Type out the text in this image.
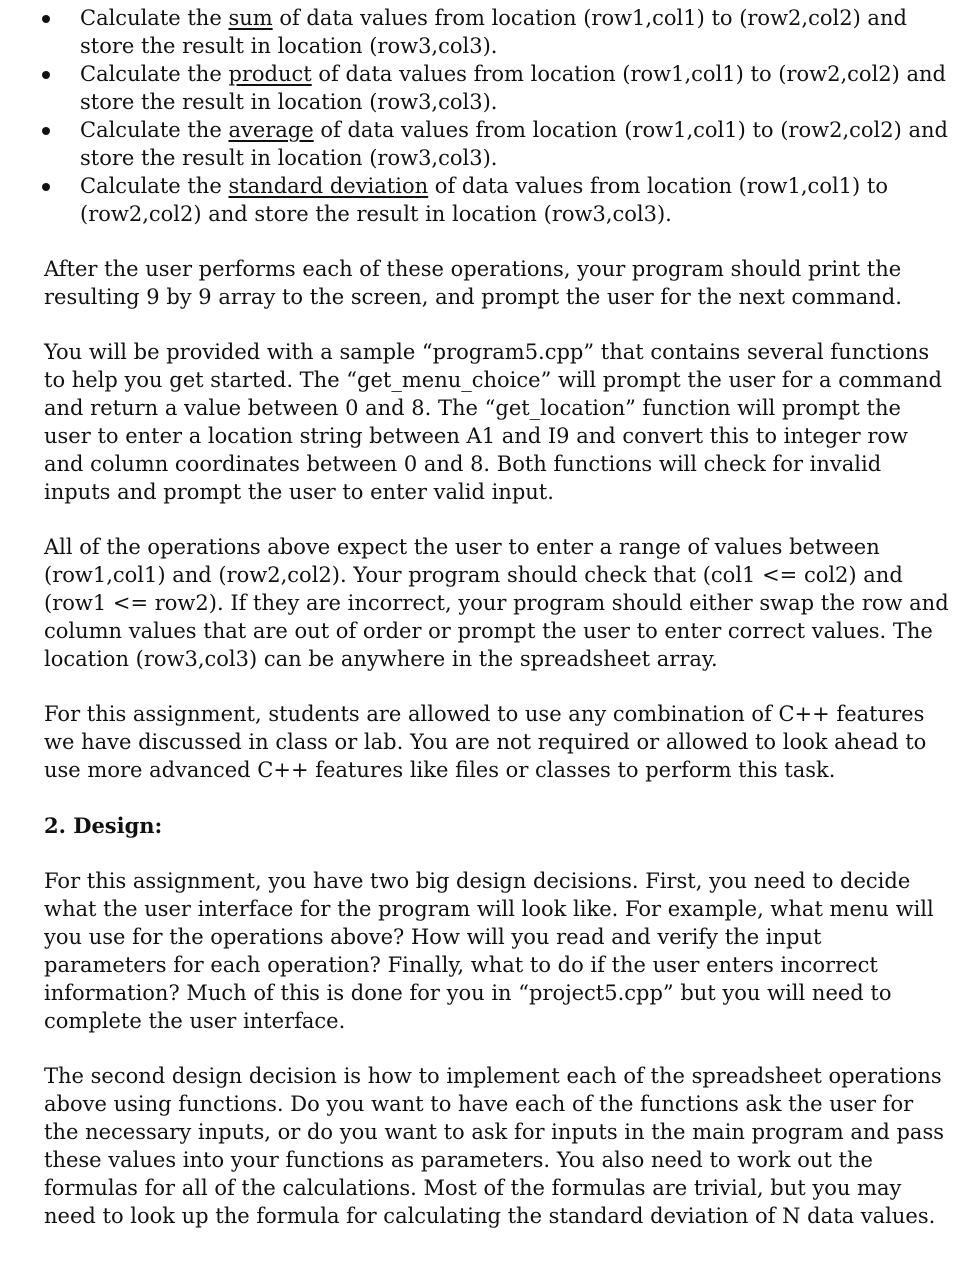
Calculate the sum of data values from location (row1,col1) to (row2,col2) and store the result in location (row3,col3).
Calculate the product of data values from location (row1,col1) to (row2,col2) and store the result in location (row3,col3).
Calculate the average of data values from location (row1,col1) to (row2,col2) and store the result in location (row3,col3).
Calculate the standard deviation of data values from location (row1,col1) to (row2,col2) and store the result in location (row3,col3).

After the user performs each of these operations, your program should print the resulting 9 by 9 array to the screen, and prompt the user for the next command.

You will be provided with a sample “program5.cpp” that contains several functions to help you get started. The “get_menu_choice” will prompt the user for a command and return a value between 0 and 8. The “get_location” function will prompt the user to enter a location string between A1 and I9 and convert this to integer row and column coordinates between 0 and 8. Both functions will check for invalid inputs and prompt the user to enter valid input.

All of the operations above expect the user to enter a range of values between (row1,col1) and (row2,col2). Your program should check that (col1 <= col2) and (row1 <= row2). If they are incorrect, your program should either swap the row and column values that are out of order or prompt the user to enter correct values. The location (row3,col3) can be anywhere in the spreadsheet array.

For this assignment, students are allowed to use any combination of C++ features we have discussed in class or lab. You are not required or allowed to look ahead to use more advanced C++ features like files or classes to perform this task.

2. Design:

For this assignment, you have two big design decisions. First, you need to decide what the user interface for the program will look like. For example, what menu will you use for the operations above? How will you read and verify the input parameters for each operation? Finally, what to do if the user enters incorrect information? Much of this is done for you in “project5.cpp” but you will need to complete the user interface.

The second design decision is how to implement each of the spreadsheet operations above using functions. Do you want to have each of the functions ask the user for the necessary inputs, or do you want to ask for inputs in the main program and pass these values into your functions as parameters. You also need to work out the formulas for all of the calculations. Most of the formulas are trivial, but you may need to look up the formula for calculating the standard deviation of N data values.
